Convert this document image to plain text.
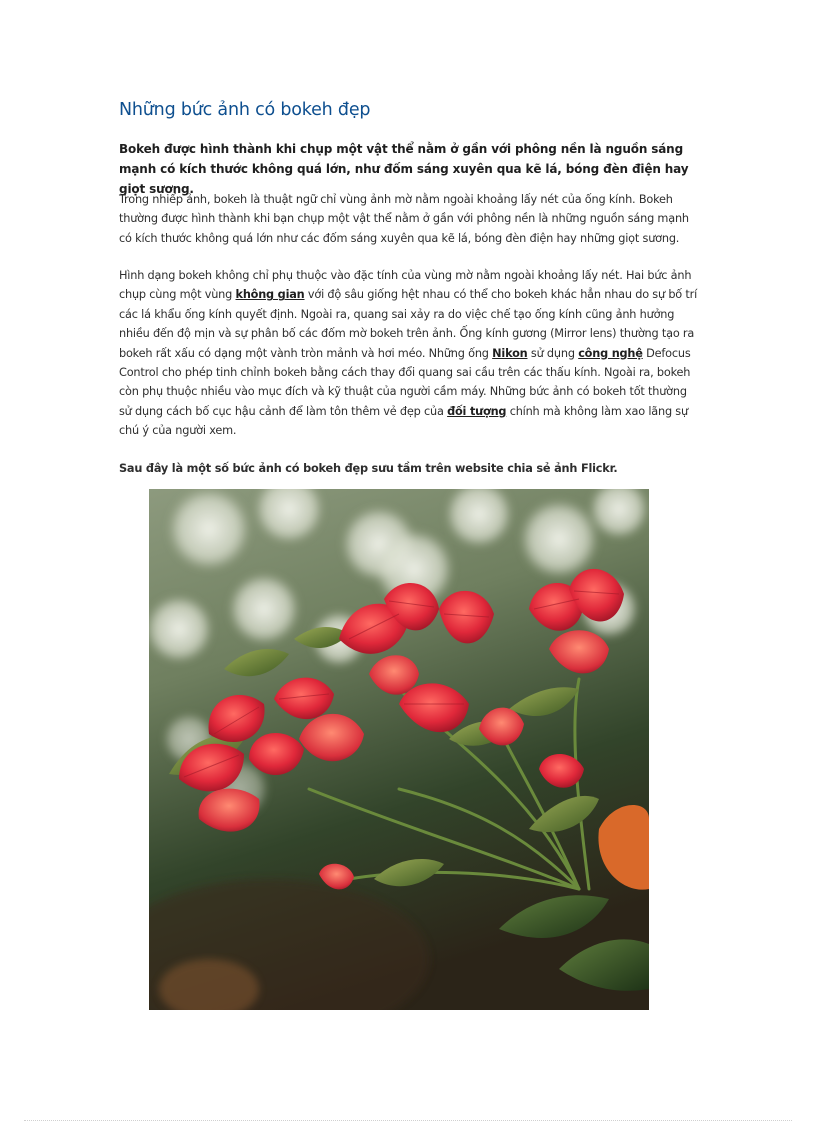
Những bức ảnh có bokeh đẹp

Bokeh được hình thành khi chụp một vật thể nằm ở gần với phông nền là nguồn sáng mạnh có kích thước không quá lớn, như đốm sáng xuyên qua kẽ lá, bóng đèn điện hay giọt sương.

Trong nhiếp ảnh, bokeh là thuật ngữ chỉ vùng ảnh mờ nằm ngoài khoảng lấy nét của ống kính. Bokeh thường được hình thành khi bạn chụp một vật thể nằm ở gần với phông nền là những nguồn sáng mạnh có kích thước không quá lớn như các đốm sáng xuyên qua kẽ lá, bóng đèn điện hay những giọt sương.

Hình dạng bokeh không chỉ phụ thuộc vào đặc tính của vùng mờ nằm ngoài khoảng lấy nét. Hai bức ảnh chụp cùng một vùng không gian với độ sâu giống hệt nhau có thể cho bokeh khác hẳn nhau do sự bố trí các lá khẩu ống kính quyết định. Ngoài ra, quang sai xảy ra do việc chế tạo ống kính cũng ảnh hưởng nhiều đến độ mịn và sự phân bố các đốm mờ bokeh trên ảnh. Ống kính gương (Mirror lens) thường tạo ra bokeh rất xấu có dạng một vành tròn mảnh và hơi méo. Những ống Nikon sử dụng công nghệ Defocus Control cho phép tinh chỉnh bokeh bằng cách thay đổi quang sai cầu trên các thấu kính. Ngoài ra, bokeh còn phụ thuộc nhiều vào mục đích và kỹ thuật của người cầm máy. Những bức ảnh có bokeh tốt thường sử dụng cách bố cục hậu cảnh để làm tôn thêm vẻ đẹp của đối tượng chính mà không làm xao lãng sự chú ý của người xem.

Sau đây là một số bức ảnh có bokeh đẹp sưu tầm trên website chia sẻ ảnh Flickr.
